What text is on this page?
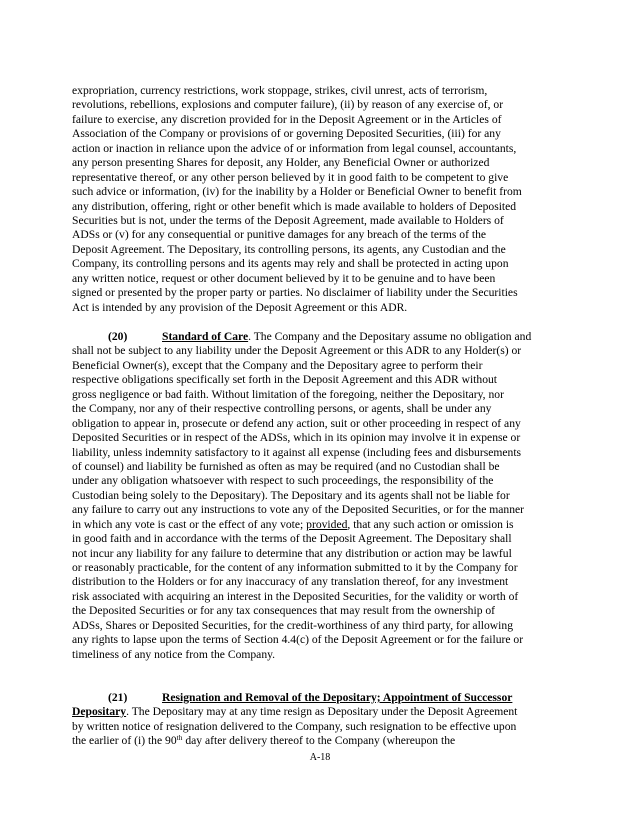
expropriation, currency restrictions, work stoppage, strikes, civil unrest, acts of terrorism,
revolutions, rebellions, explosions and computer failure), (ii) by reason of any exercise of, or
failure to exercise, any discretion provided for in the Deposit Agreement or in the Articles of
Association of the Company or provisions of or governing Deposited Securities, (iii) for any
action or inaction in reliance upon the advice of or information from legal counsel, accountants,
any person presenting Shares for deposit, any Holder, any Beneficial Owner or authorized
representative thereof, or any other person believed by it in good faith to be competent to give
such advice or information, (iv) for the inability by a Holder or Beneficial Owner to benefit from
any distribution, offering, right or other benefit which is made available to holders of Deposited
Securities but is not, under the terms of the Deposit Agreement, made available to Holders of
ADSs or (v) for any consequential or punitive damages for any breach of the terms of the
Deposit Agreement. The Depositary, its controlling persons, its agents, any Custodian and the
Company, its controlling persons and its agents may rely and shall be protected in acting upon
any written notice, request or other document believed by it to be genuine and to have been
signed or presented by the proper party or parties. No disclaimer of liability under the Securities
Act is intended by any provision of the Deposit Agreement or this ADR.
(20)	Standard of Care. The Company and the Depositary assume no obligation and
shall not be subject to any liability under the Deposit Agreement or this ADR to any Holder(s) or
Beneficial Owner(s), except that the Company and the Depositary agree to perform their
respective obligations specifically set forth in the Deposit Agreement and this ADR without
gross negligence or bad faith. Without limitation of the foregoing, neither the Depositary, nor
the Company, nor any of their respective controlling persons, or agents, shall be under any
obligation to appear in, prosecute or defend any action, suit or other proceeding in respect of any
Deposited Securities or in respect of the ADSs, which in its opinion may involve it in expense or
liability, unless indemnity satisfactory to it against all expense (including fees and disbursements
of counsel) and liability be furnished as often as may be required (and no Custodian shall be
under any obligation whatsoever with respect to such proceedings, the responsibility of the
Custodian being solely to the Depositary). The Depositary and its agents shall not be liable for
any failure to carry out any instructions to vote any of the Deposited Securities, or for the manner
in which any vote is cast or the effect of any vote; provided, that any such action or omission is
in good faith and in accordance with the terms of the Deposit Agreement. The Depositary shall
not incur any liability for any failure to determine that any distribution or action may be lawful
or reasonably practicable, for the content of any information submitted to it by the Company for
distribution to the Holders or for any inaccuracy of any translation thereof, for any investment
risk associated with acquiring an interest in the Deposited Securities, for the validity or worth of
the Deposited Securities or for any tax consequences that may result from the ownership of
ADSs, Shares or Deposited Securities, for the credit-worthiness of any third party, for allowing
any rights to lapse upon the terms of Section 4.4(c) of the Deposit Agreement or for the failure or
timeliness of any notice from the Company.
(21)	Resignation and Removal of the Depositary; Appointment of Successor
Depositary. The Depositary may at any time resign as Depositary under the Deposit Agreement
by written notice of resignation delivered to the Company, such resignation to be effective upon
the earlier of (i) the 90th day after delivery thereof to the Company (whereupon the
A-18
